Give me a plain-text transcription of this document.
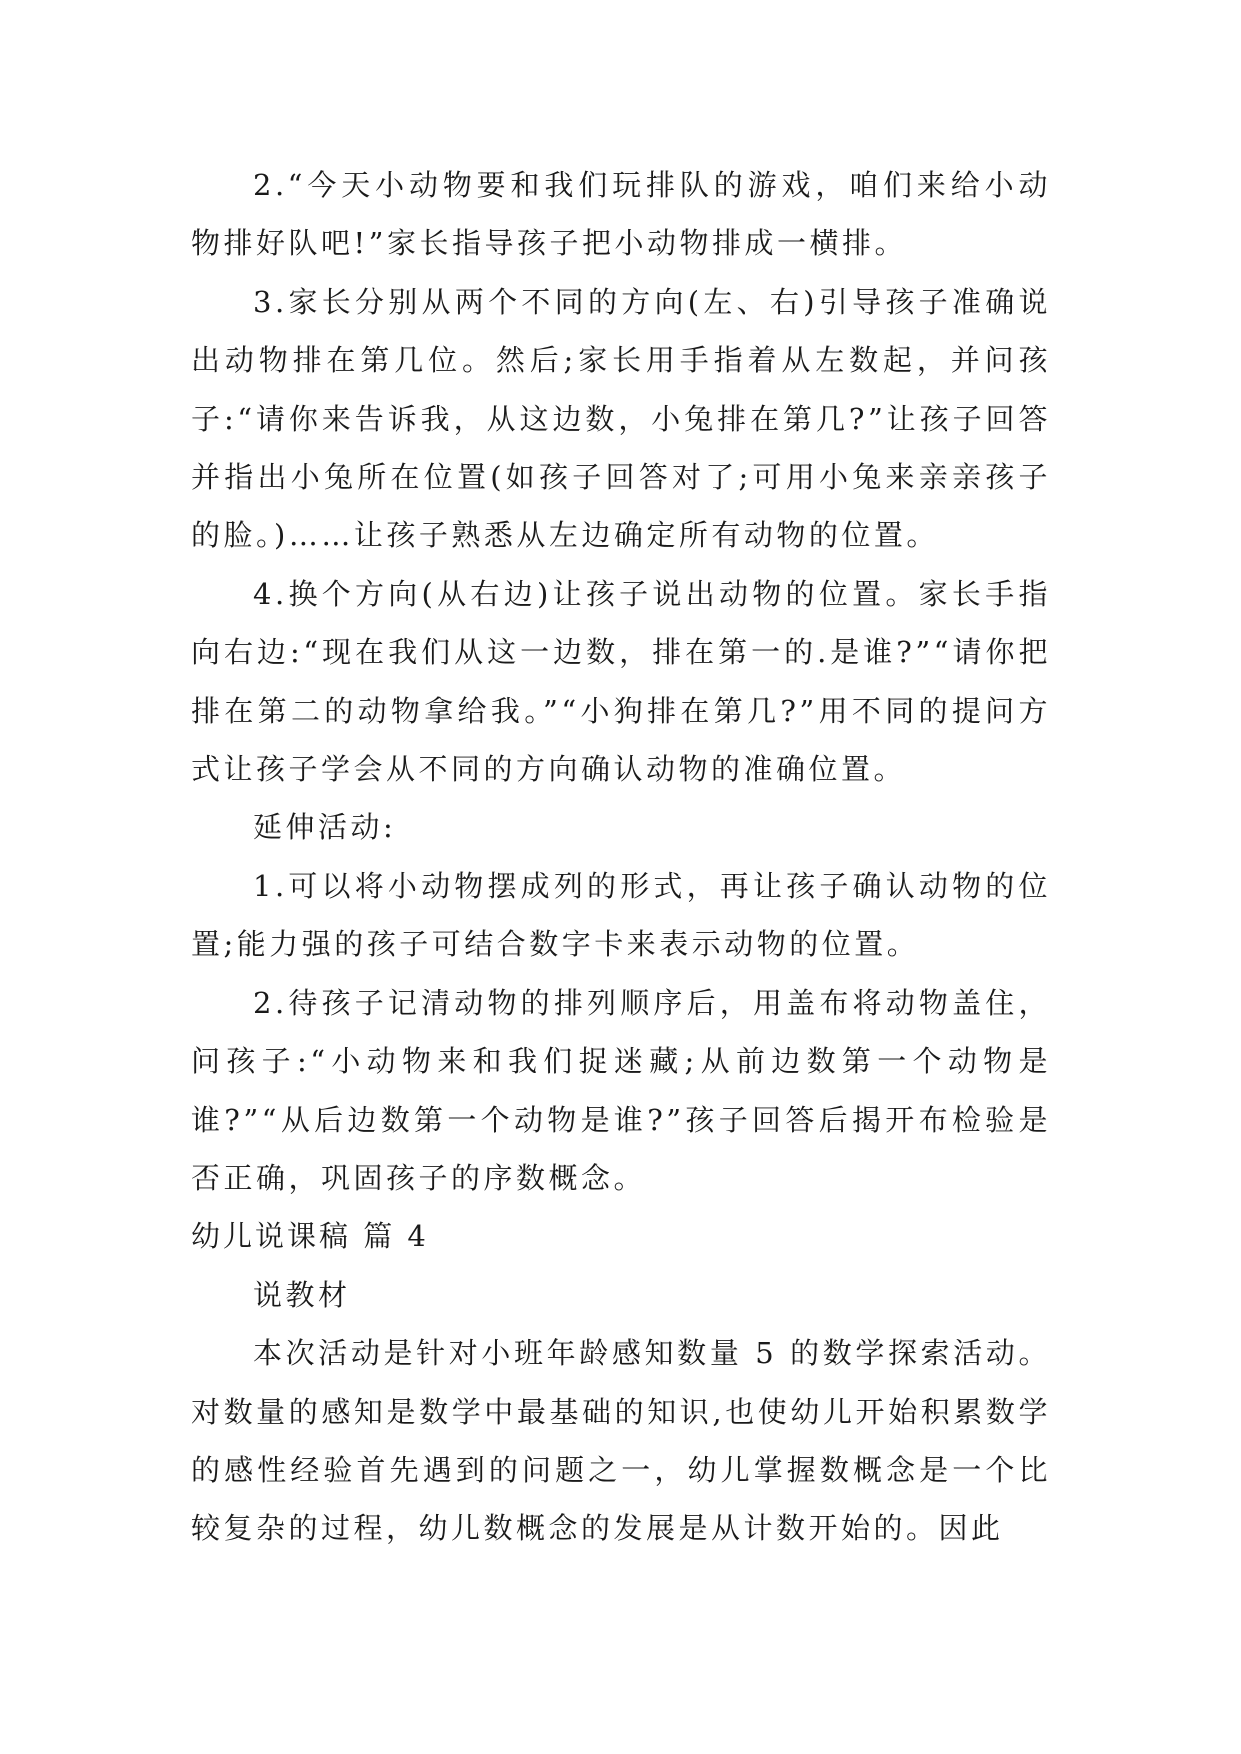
2.“今天小动物要和我们玩排队的游戏，咱们来给小动物排好队吧!”家长指导孩子把小动物排成一横排。

3.家长分别从两个不同的方向(左、右)引导孩子准确说出动物排在第几位。然后;家长用手指着从左数起，并问孩子:“请你来告诉我，从这边数，小兔排在第几?”让孩子回答并指出小兔所在位置(如孩子回答对了;可用小兔来亲亲孩子的脸。)……让孩子熟悉从左边确定所有动物的位置。

4.换个方向(从右边)让孩子说出动物的位置。家长手指向右边:“现在我们从这一边数，排在第一的.是谁?”“请你把排在第二的动物拿给我。”“小狗排在第几?”用不同的提问方式让孩子学会从不同的方向确认动物的准确位置。

延伸活动:

1.可以将小动物摆成列的形式，再让孩子确认动物的位置;能力强的孩子可结合数字卡来表示动物的位置。

2.待孩子记清动物的排列顺序后，用盖布将动物盖住，问孩子:“小动物来和我们捉迷藏;从前边数第一个动物是谁?”“从后边数第一个动物是谁?”孩子回答后揭开布检验是否正确，巩固孩子的序数概念。

幼儿说课稿 篇 4

说教材

本次活动是针对小班年龄感知数量 5 的数学探索活动。对数量的感知是数学中最基础的知识,也使幼儿开始积累数学的感性经验首先遇到的问题之一，幼儿掌握数概念是一个比较复杂的过程，幼儿数概念的发展是从计数开始的。因此
